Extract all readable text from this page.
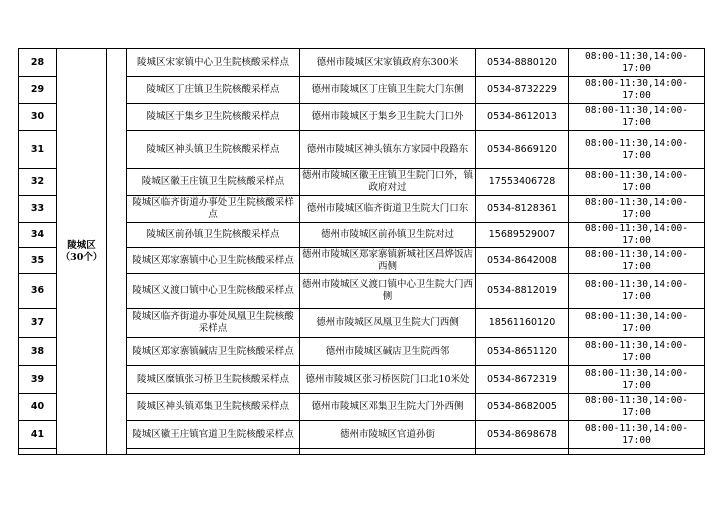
28	陵城区（30个）		陵城区宋家镇中心卫生院核酸采样点	德州市陵城区宋家镇政府东300米	0534-8880120	08:00-11:30,14:00-17:00
29			陵城区丁庄镇卫生院核酸采样点	德州市陵城区丁庄镇卫生院大门东侧	0534-8732229	08:00-11:30,14:00-17:00
30			陵城区于集乡卫生院核酸采样点	德州市陵城区于集乡卫生院大门口外	0534-8612013	08:00-11:30,14:00-17:00
31			陵城区神头镇卫生院核酸采样点	德州市陵城区神头镇东方家园中段路东	0534-8669120	08:00-11:30,14:00-17:00
32			陵城区徽王庄镇卫生院核酸采样点	德州市陵城区徽王庄镇卫生院门口外，镇政府对过	17553406728	08:00-11:30,14:00-17:00
33			陵城区临齐街道办事处卫生院核酸采样点	德州市陵城区临齐街道卫生院大门口东	0534-8128361	08:00-11:30,14:00-17:00
34			陵城区前孙镇卫生院核酸采样点	德州市陵城区前孙镇卫生院对过	15689529007	08:00-11:30,14:00-17:00
35			陵城区郑家寨镇中心卫生院核酸采样点	德州市陵城区郑家寨镇新城社区昌烨饭店西侧	0534-8642008	08:00-11:30,14:00-17:00
36			陵城区义渡口镇中心卫生院核酸采样点	德州市陵城区义渡口镇中心卫生院大门西侧	0534-8812019	08:00-11:30,14:00-17:00
37			陵城区临齐街道办事处凤凰卫生院核酸采样点	德州市陵城区凤凰卫生院大门西侧	18561160120	08:00-11:30,14:00-17:00
38			陵城区郑家寨镇碱店卫生院核酸采样点	德州市陵城区碱店卫生院西邻	0534-8651120	08:00-11:30,14:00-17:00
39			陵城区糜镇张习桥卫生院核酸采样点	德州市陵城区张习桥医院门口北10米处	0534-8672319	08:00-11:30,14:00-17:00
40			陵城区神头镇邓集卫生院核酸采样点	德州市陵城区邓集卫生院大门外西侧	0534-8682005	08:00-11:30,14:00-17:00
41			陵城区徽王庄镇官道卫生院核酸采样点	德州市陵城区官道孙街	0534-8698678	08:00-11:30,14:00-17:00
